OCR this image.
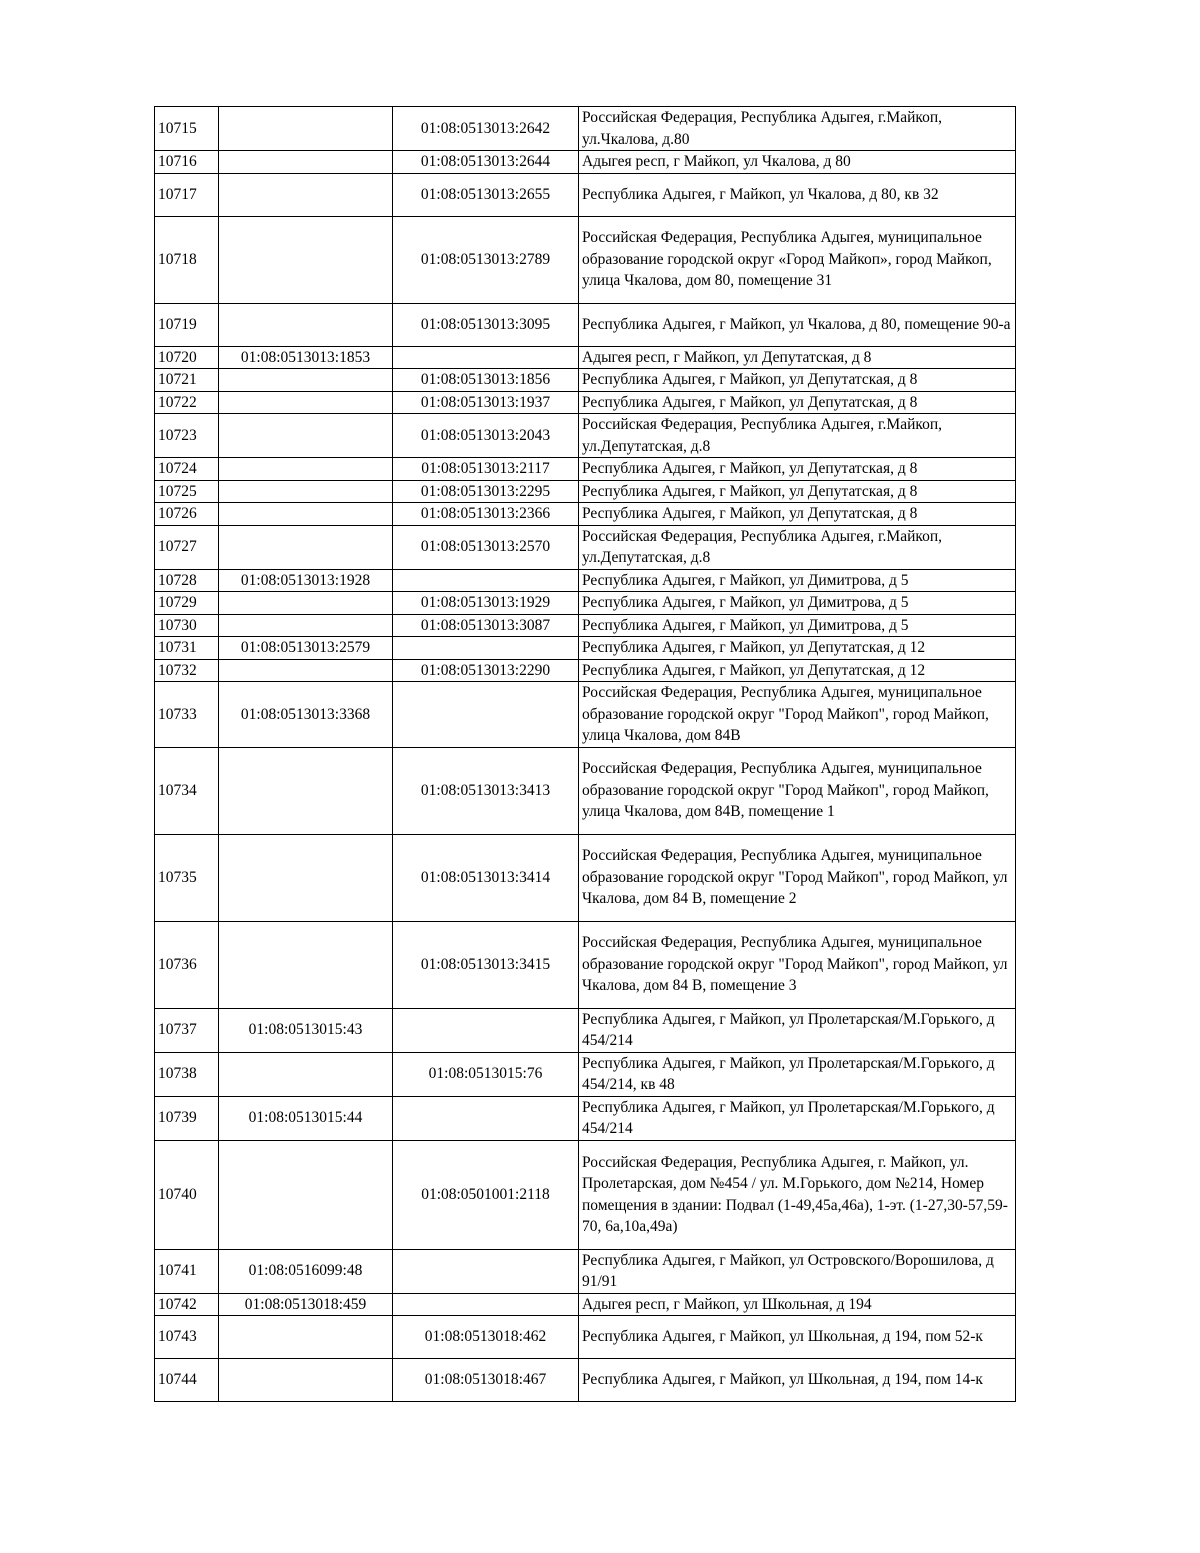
10715		01:08:0513013:2642	Российская Федерация, Республика Адыгея, г.Майкоп, ул.Чкалова, д.80
10716		01:08:0513013:2644	Адыгея респ, г Майкоп, ул Чкалова, д 80
10717		01:08:0513013:2655	Республика Адыгея, г Майкоп, ул Чкалова, д 80, кв 32
10718		01:08:0513013:2789	Российская Федерация, Республика Адыгея, муниципальное образование городской округ «Город Майкоп», город Майкоп, улица Чкалова, дом 80, помещение 31
10719		01:08:0513013:3095	Республика Адыгея, г Майкоп, ул Чкалова, д 80, помещение 90-а
10720	01:08:0513013:1853		Адыгея респ, г Майкоп, ул Депутатская, д 8
10721		01:08:0513013:1856	Республика Адыгея, г Майкоп, ул Депутатская, д 8
10722		01:08:0513013:1937	Республика Адыгея, г Майкоп, ул Депутатская, д 8
10723		01:08:0513013:2043	Российская Федерация, Республика Адыгея, г.Майкоп, ул.Депутатская, д.8
10724		01:08:0513013:2117	Республика Адыгея, г Майкоп, ул Депутатская, д 8
10725		01:08:0513013:2295	Республика Адыгея, г Майкоп, ул Депутатская, д 8
10726		01:08:0513013:2366	Республика Адыгея, г Майкоп, ул Депутатская, д 8
10727		01:08:0513013:2570	Российская Федерация, Республика Адыгея, г.Майкоп, ул.Депутатская, д.8
10728	01:08:0513013:1928		Республика Адыгея, г Майкоп, ул Димитрова, д 5
10729		01:08:0513013:1929	Республика Адыгея, г Майкоп, ул Димитрова, д 5
10730		01:08:0513013:3087	Республика Адыгея, г Майкоп, ул Димитрова, д 5
10731	01:08:0513013:2579		Республика Адыгея, г Майкоп, ул Депутатская, д 12
10732		01:08:0513013:2290	Республика Адыгея, г Майкоп, ул Депутатская, д 12
10733	01:08:0513013:3368		Российская Федерация, Республика Адыгея, муниципальное образование городской округ "Город Майкоп", город Майкоп, улица Чкалова, дом 84В
10734		01:08:0513013:3413	Российская Федерация, Республика Адыгея, муниципальное образование городской округ "Город Майкоп", город Майкоп, улица Чкалова, дом 84В, помещение 1
10735		01:08:0513013:3414	Российская Федерация, Республика Адыгея, муниципальное образование городской округ "Город Майкоп", город Майкоп, ул Чкалова, дом 84 В, помещение 2
10736		01:08:0513013:3415	Российская Федерация, Республика Адыгея, муниципальное образование городской округ "Город Майкоп", город Майкоп, ул Чкалова, дом 84 В, помещение 3
10737	01:08:0513015:43		Республика Адыгея, г Майкоп, ул Пролетарская/М.Горького, д 454/214
10738		01:08:0513015:76	Республика Адыгея, г Майкоп, ул Пролетарская/М.Горького, д 454/214, кв 48
10739	01:08:0513015:44		Республика Адыгея, г Майкоп, ул Пролетарская/М.Горького, д 454/214
10740		01:08:0501001:2118	Российская Федерация, Республика Адыгея, г. Майкоп, ул. Пролетарская, дом №454 / ул. М.Горького, дом №214, Номер помещения в здании: Подвал (1-49,45а,46а), 1-эт. (1-27,30-57,59-70, 6а,10а,49а)
10741	01:08:0516099:48		Республика Адыгея, г Майкоп, ул Островского/Ворошилова, д 91/91
10742	01:08:0513018:459		Адыгея респ, г Майкоп, ул Школьная, д 194
10743		01:08:0513018:462	Республика Адыгея, г Майкоп, ул Школьная, д 194, пом 52-к
10744		01:08:0513018:467	Республика Адыгея, г Майкоп, ул Школьная, д 194, пом 14-к
